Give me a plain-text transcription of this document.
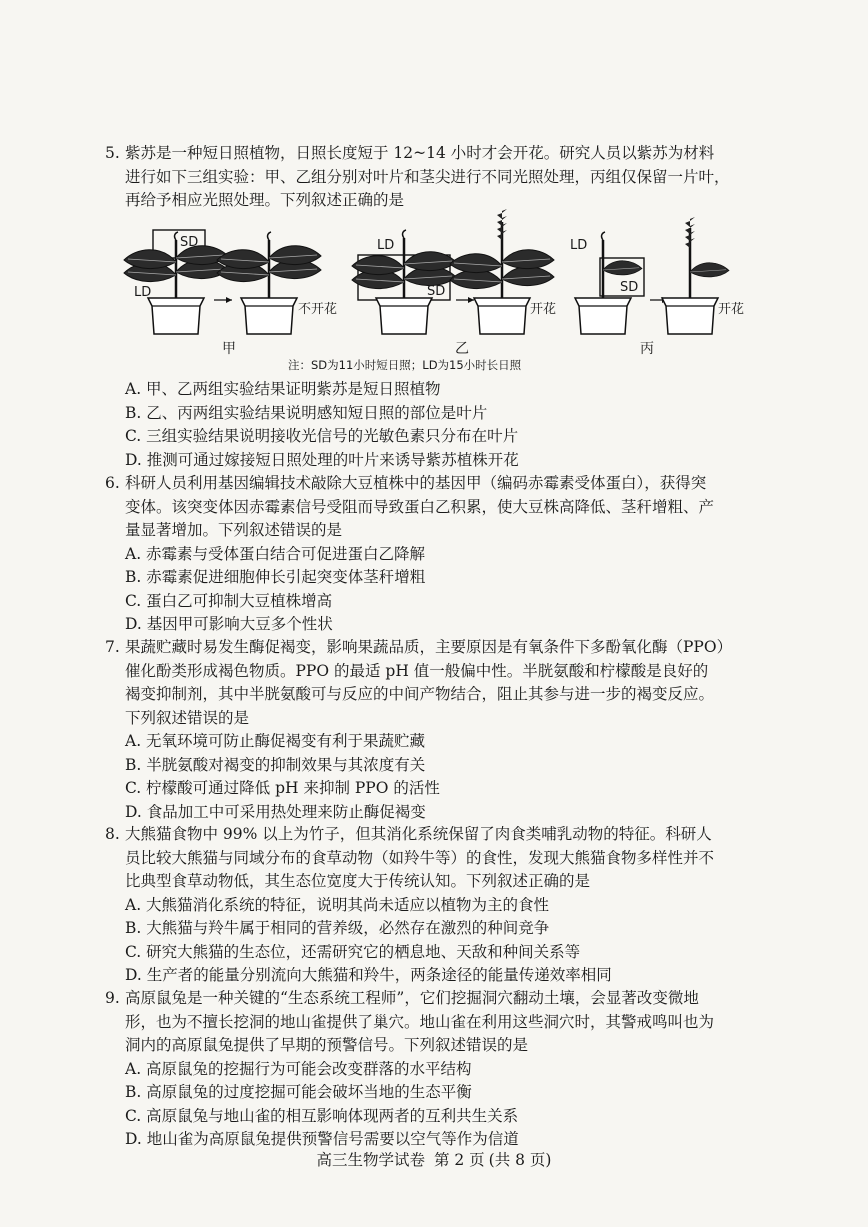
5. 紫苏是一种短日照植物，日照长度短于 12~14 小时才会开花。研究人员以紫苏为材料
进行如下三组实验：甲、乙组分别对叶片和茎尖进行不同光照处理，丙组仅保留一片叶，
再给予相应光照处理。下列叙述正确的是
SD
LD
不开花
LD
SD
开花
LD
SD
开花
甲	乙	丙
注：SD为11小时短日照；LD为15小时长日照
A. 甲、乙两组实验结果证明紫苏是短日照植物
B. 乙、丙两组实验结果说明感知短日照的部位是叶片
C. 三组实验结果说明接收光信号的光敏色素只分布在叶片
D. 推测可通过嫁接短日照处理的叶片来诱导紫苏植株开花
6. 科研人员利用基因编辑技术敲除大豆植株中的基因甲（编码赤霉素受体蛋白），获得突
变体。该突变体因赤霉素信号受阻而导致蛋白乙积累，使大豆株高降低、茎秆增粗、产
量显著增加。下列叙述错误的是
A. 赤霉素与受体蛋白结合可促进蛋白乙降解
B. 赤霉素促进细胞伸长引起突变体茎秆增粗
C. 蛋白乙可抑制大豆植株增高
D. 基因甲可影响大豆多个性状
7. 果蔬贮藏时易发生酶促褐变，影响果蔬品质，主要原因是有氧条件下多酚氧化酶（PPO）
催化酚类形成褐色物质。PPO 的最适 pH 值一般偏中性。半胱氨酸和柠檬酸是良好的
褐变抑制剂，其中半胱氨酸可与反应的中间产物结合，阻止其参与进一步的褐变反应。
下列叙述错误的是
A. 无氧环境可防止酶促褐变有利于果蔬贮藏
B. 半胱氨酸对褐变的抑制效果与其浓度有关
C. 柠檬酸可通过降低 pH 来抑制 PPO 的活性
D. 食品加工中可采用热处理来防止酶促褐变
8. 大熊猫食物中 99% 以上为竹子，但其消化系统保留了肉食类哺乳动物的特征。科研人
员比较大熊猫与同域分布的食草动物（如羚牛等）的食性，发现大熊猫食物多样性并不
比典型食草动物低，其生态位宽度大于传统认知。下列叙述正确的是
A. 大熊猫消化系统的特征，说明其尚未适应以植物为主的食性
B. 大熊猫与羚牛属于相同的营养级，必然存在激烈的种间竞争
C. 研究大熊猫的生态位，还需研究它的栖息地、天敌和种间关系等
D. 生产者的能量分别流向大熊猫和羚牛，两条途径的能量传递效率相同
9. 高原鼠兔是一种关键的“生态系统工程师”，它们挖掘洞穴翻动土壤，会显著改变微地
形，也为不擅长挖洞的地山雀提供了巢穴。地山雀在利用这些洞穴时，其警戒鸣叫也为
洞内的高原鼠兔提供了早期的预警信号。下列叙述错误的是
A. 高原鼠兔的挖掘行为可能会改变群落的水平结构
B. 高原鼠兔的过度挖掘可能会破坏当地的生态平衡
C. 高原鼠兔与地山雀的相互影响体现两者的互利共生关系
D. 地山雀为高原鼠兔提供预警信号需要以空气等作为信道
高三生物学试卷 第 2 页 (共 8 页)
